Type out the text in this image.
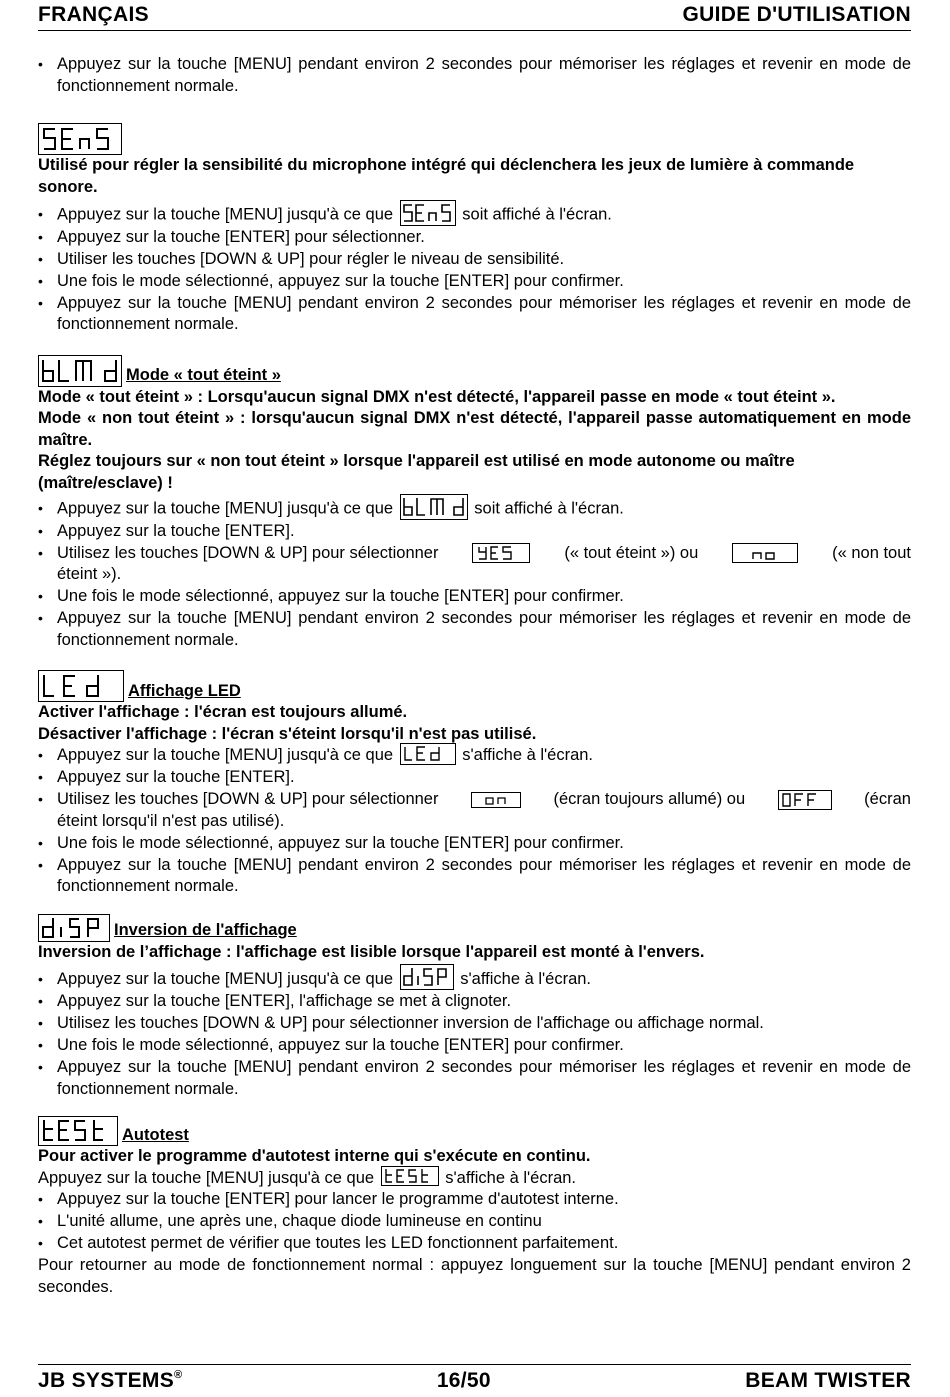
FRANÇAIS	GUIDE D'UTILISATION
• Appuyez sur la touche [MENU] pendant environ 2 secondes pour mémoriser les réglages et revenir en mode de fonctionnement normale.

Utilisé pour régler la sensibilité du microphone intégré qui déclenchera les jeux de lumière à commande sonore.

• Appuyez sur la touche [MENU] jusqu'à ce que	soit affiché à l'écran.
• Appuyez sur la touche [ENTER] pour sélectionner.
• Utiliser les touches [DOWN & UP] pour régler le niveau de sensibilité.
• Une fois le mode sélectionné, appuyez sur la touche [ENTER] pour confirmer.
• Appuyez sur la touche [MENU] pendant environ 2 secondes pour mémoriser les réglages et revenir en mode de fonctionnement normale.
Mode « tout éteint »

Mode « tout éteint » : Lorsqu'aucun signal DMX n'est détecté, l'appareil passe en mode « tout éteint ».

Mode « non tout éteint » : lorsqu'aucun signal DMX n'est détecté, l'appareil passe automatiquement en mode maître.

Réglez toujours sur « non tout éteint » lorsque l'appareil est utilisé en mode autonome ou maître (maître/esclave) !

• Appuyez sur la touche [MENU] jusqu'à ce que	soit affiché à l'écran.
• Appuyez sur la touche [ENTER].
• Utilisez les touches [DOWN & UP] pour sélectionner	(« tout éteint ») ou	(« non tout
éteint »).
• Une fois le mode sélectionné, appuyez sur la touche [ENTER] pour confirmer.
• Appuyez sur la touche [MENU] pendant environ 2 secondes pour mémoriser les réglages et revenir en mode de fonctionnement normale.
Affichage LED

Activer l'affichage : l'écran est toujours allumé.

Désactiver l'affichage : l'écran s'éteint lorsqu'il n'est pas utilisé.

• Appuyez sur la touche [MENU] jusqu'à ce que	s'affiche à l'écran.
• Appuyez sur la touche [ENTER].
• Utilisez les touches [DOWN & UP] pour sélectionner	(écran toujours allumé) ou	(écran
éteint lorsqu'il n'est pas utilisé).
• Une fois le mode sélectionné, appuyez sur la touche [ENTER] pour confirmer.
• Appuyez sur la touche [MENU] pendant environ 2 secondes pour mémoriser les réglages et revenir en mode de fonctionnement normale.
Inversion de l'affichage

Inversion de l’affichage : l'affichage est lisible lorsque l'appareil est monté à l'envers.

• Appuyez sur la touche [MENU] jusqu'à ce que	s'affiche à l'écran.
• Appuyez sur la touche [ENTER], l'affichage se met à clignoter.
• Utilisez les touches [DOWN & UP] pour sélectionner inversion de l'affichage ou affichage normal.
• Une fois le mode sélectionné, appuyez sur la touche [ENTER] pour confirmer.
• Appuyez sur la touche [MENU] pendant environ 2 secondes pour mémoriser les réglages et revenir en mode de fonctionnement normale.
Autotest

Pour activer le programme d'autotest interne qui s'exécute en continu.

Appuyez sur la touche [MENU] jusqu'à ce que	s'affiche à l'écran.

• Appuyez sur la touche [ENTER] pour lancer le programme d'autotest interne.
• L'unité allume, une après une, chaque diode lumineuse en continu
• Cet autotest permet de vérifier que toutes les LED fonctionnent parfaitement.

Pour retourner au mode de fonctionnement normal : appuyez longuement sur la touche [MENU] pendant environ 2 secondes.

JB SYSTEMS®	16/50	BEAM TWISTER
